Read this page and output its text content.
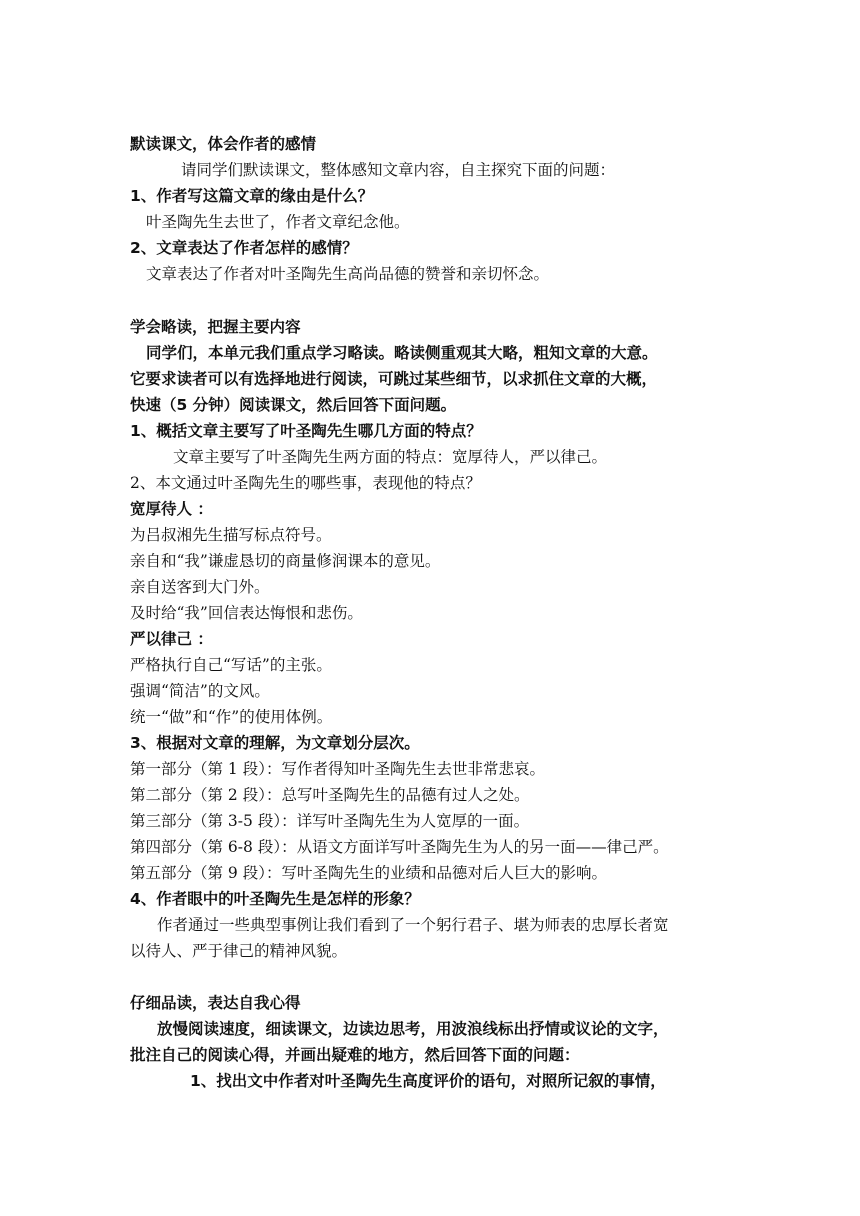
默读课文，体会作者的感情
请同学们默读课文，整体感知文章内容，自主探究下面的问题：
1、作者写这篇文章的缘由是什么？
叶圣陶先生去世了，作者文章纪念他。
2、文章表达了作者怎样的感情？
文章表达了作者对叶圣陶先生高尚品德的赞誉和亲切怀念。
学会略读，把握主要内容
同学们，本单元我们重点学习略读。略读侧重观其大略，粗知文章的大意。
它要求读者可以有选择地进行阅读，可跳过某些细节，以求抓住文章的大概，
快速（5 分钟）阅读课文，然后回答下面问题。
1、概括文章主要写了叶圣陶先生哪几方面的特点？
文章主要写了叶圣陶先生两方面的特点：宽厚待人，严以律己。
2、本文通过叶圣陶先生的哪些事，表现他的特点？
宽厚待人 ：
为吕叔湘先生描写标点符号。
亲自和“我”谦虚恳切的商量修润课本的意见。
亲自送客到大门外。
及时给“我”回信表达悔恨和悲伤。
严以律己 ：
严格执行自己“写话”的主张。
强调“简洁”的文风。
统一“做”和“作”的使用体例。
3、根据对文章的理解，为文章划分层次。
第一部分（第 1 段）：写作者得知叶圣陶先生去世非常悲哀。
第二部分（第 2 段）：总写叶圣陶先生的品德有过人之处。
第三部分（第 3-5 段）：详写叶圣陶先生为人宽厚的一面。
第四部分（第 6-8 段）：从语文方面详写叶圣陶先生为人的另一面——律己严。
第五部分（第 9 段）：写叶圣陶先生的业绩和品德对后人巨大的影响。
4、作者眼中的叶圣陶先生是怎样的形象？
作者通过一些典型事例让我们看到了一个躬行君子、堪为师表的忠厚长者宽
以待人、严于律己的精神风貌。
仔细品读，表达自我心得
放慢阅读速度，细读课文，边读边思考，用波浪线标出抒情或议论的文字，
批注自己的阅读心得，并画出疑难的地方，然后回答下面的问题：
1、找出文中作者对叶圣陶先生高度评价的语句，对照所记叙的事情，
